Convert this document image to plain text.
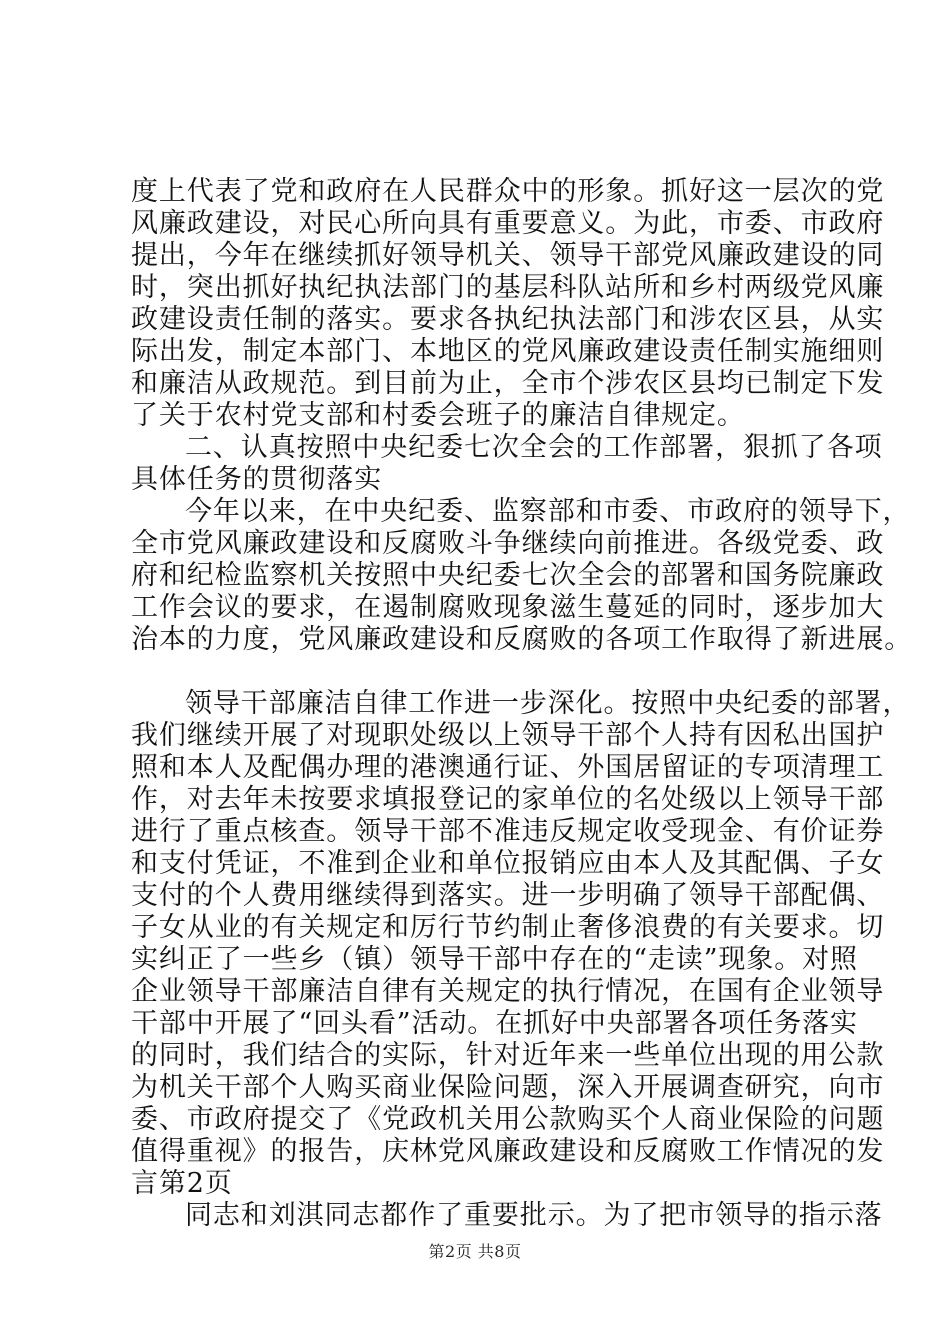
度上代表了党和政府在人民群众中的形象。抓好这一层次的党
风廉政建设，对民心所向具有重要意义。为此，市委、市政府
提出，今年在继续抓好领导机关、领导干部党风廉政建设的同
时，突出抓好执纪执法部门的基层科队站所和乡村两级党风廉
政建设责任制的落实。要求各执纪执法部门和涉农区县，从实
际出发，制定本部门、本地区的党风廉政建设责任制实施细则
和廉洁从政规范。到目前为止，全市个涉农区县均已制定下发
了关于农村党支部和村委会班子的廉洁自律规定。
二、认真按照中央纪委七次全会的工作部署，狠抓了各项
具体任务的贯彻落实
今年以来，在中央纪委、监察部和市委、市政府的领导下，
全市党风廉政建设和反腐败斗争继续向前推进。各级党委、政
府和纪检监察机关按照中央纪委七次全会的部署和国务院廉政
工作会议的要求，在遏制腐败现象滋生蔓延的同时，逐步加大
治本的力度，党风廉政建设和反腐败的各项工作取得了新进展。
领导干部廉洁自律工作进一步深化。按照中央纪委的部署，
我们继续开展了对现职处级以上领导干部个人持有因私出国护
照和本人及配偶办理的港澳通行证、外国居留证的专项清理工
作，对去年未按要求填报登记的家单位的名处级以上领导干部
进行了重点核查。领导干部不准违反规定收受现金、有价证券
和支付凭证，不准到企业和单位报销应由本人及其配偶、子女
支付的个人费用继续得到落实。进一步明确了领导干部配偶、
子女从业的有关规定和厉行节约制止奢侈浪费的有关要求。切
实纠正了一些乡（镇）领导干部中存在的“走读”现象。对照
企业领导干部廉洁自律有关规定的执行情况，在国有企业领导
干部中开展了“回头看”活动。在抓好中央部署各项任务落实
的同时，我们结合的实际，针对近年来一些单位出现的用公款
为机关干部个人购买商业保险问题，深入开展调查研究，向市
委、市政府提交了《党政机关用公款购买个人商业保险的问题
值得重视》的报告，庆林党风廉政建设和反腐败工作情况的发
言第2页
同志和刘淇同志都作了重要批示。为了把市领导的指示落
第2页 共8页
